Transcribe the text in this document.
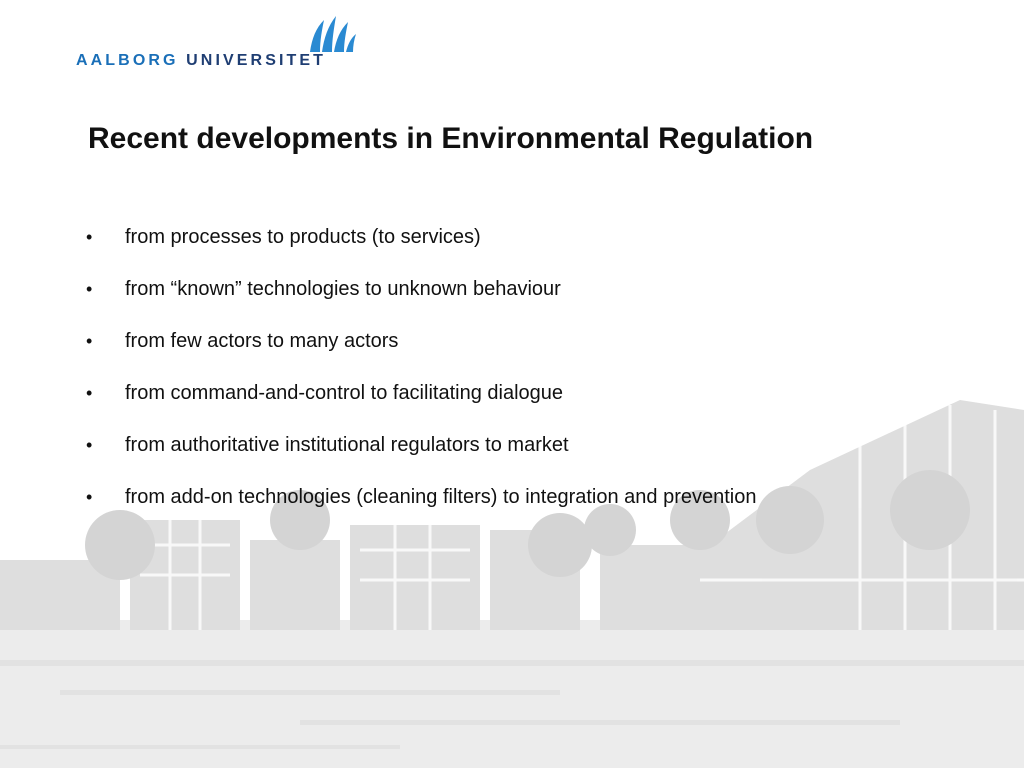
AALBORG UNIVERSITET
Recent developments in Environmental Regulation
•	from processes to products (to services)
•	from “known” technologies to unknown behaviour
•	from few actors to many actors
•	from command-and-control to facilitating dialogue
•	from authoritative institutional regulators to market
•	from add-on technologies (cleaning filters) to integration and prevention
